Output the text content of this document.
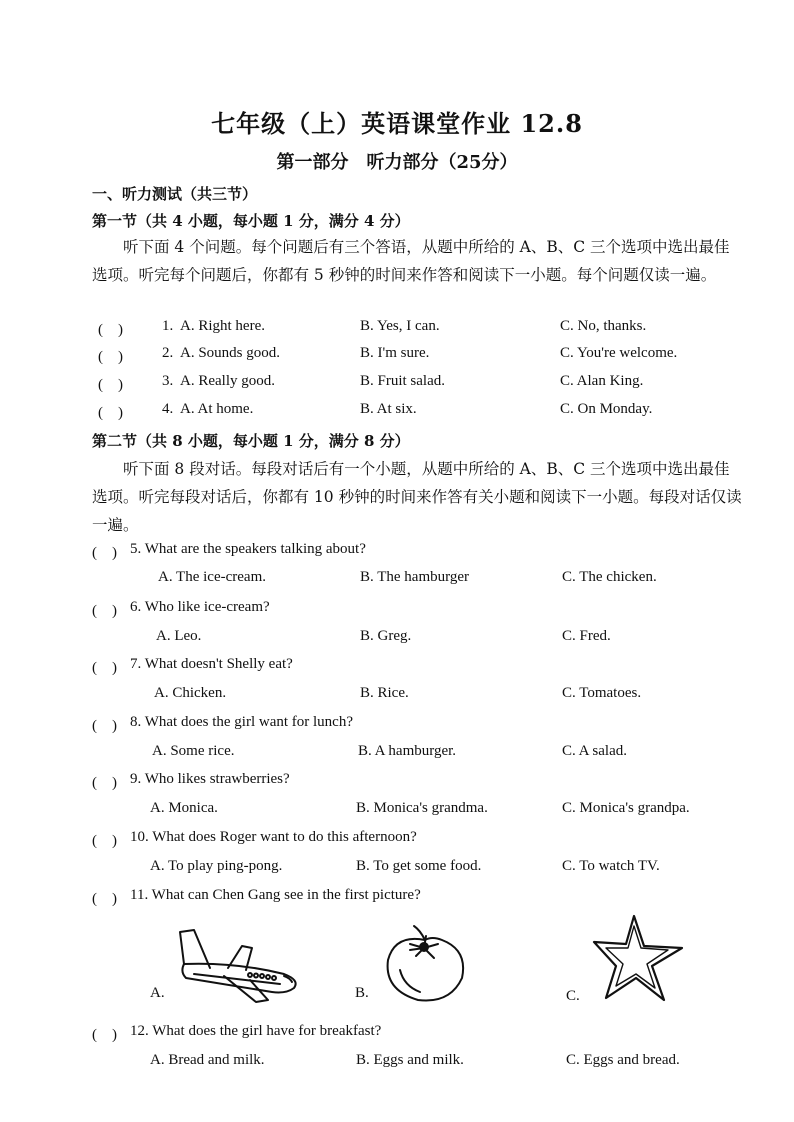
七年级（上）英语课堂作业 12.8
第一部分　听力部分（25分）
一、听力测试（共三节）
第一节（共 4 小题，每小题 1 分，满分 4 分）
听下面 4 个问题。每个问题后有三个答语，从题中所给的 A、B、C 三个选项中选出最佳选项。听完每个问题后，你都有 5 秒钟的时间来作答和阅读下一小题。每个问题仅读一遍。
(　)	1. A. Right here.	B. Yes, I can.	C. No, thanks.
(　)	2. A. Sounds good.	B. I'm sure.	C. You're welcome.
(　)	3. A. Really good.	B. Fruit salad.	C. Alan King.
(　)	4. A. At home.	B. At six.	C. On Monday.
第二节（共 8 小题，每小题 1 分，满分 8 分）
听下面 8 段对话。每段对话后有一个小题，从题中所给的 A、B、C 三个选项中选出最佳选项。听完每段对话后，你都有 10 秒钟的时间来作答有关小题和阅读下一小题。每段对话仅读一遍。
(　) 5. What are the speakers talking about?
A. The ice-cream.	B. The hamburger	C. The chicken.
(　) 6. Who like ice-cream?
A. Leo.	B. Greg.	C. Fred.
(　) 7. What doesn't Shelly eat?
A. Chicken.	B. Rice.	C. Tomatoes.
(　) 8. What does the girl want for lunch?
A. Some rice.	B. A hamburger.	C. A salad.
(　) 9. Who likes strawberries?
A. Monica.	B. Monica's grandma.	C. Monica's grandpa.
(　) 10. What does Roger want to do this afternoon?
A. To play ping-pong.	B. To get some food.	C. To watch TV.
(　) 11. What can Chen Gang see in the first picture?
A.	B.	C.
(　) 12. What does the girl have for breakfast?
A. Bread and milk.	B. Eggs and milk.	C. Eggs and bread.
